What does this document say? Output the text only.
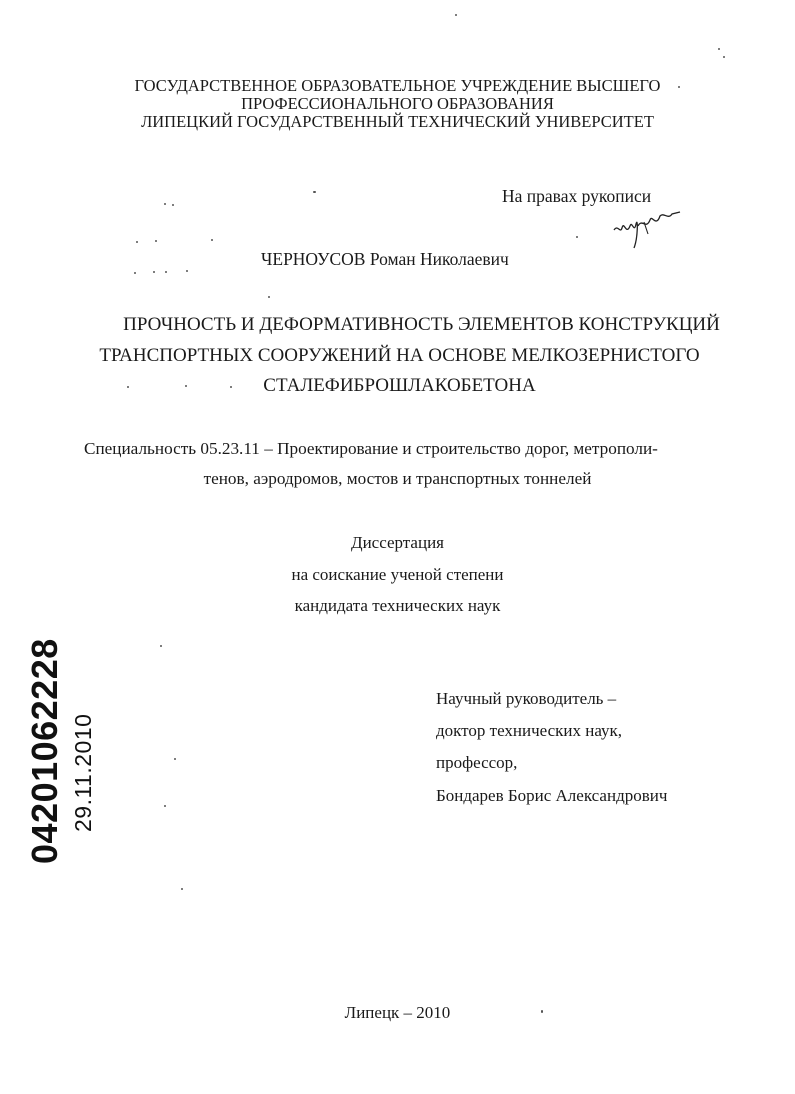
ГОСУДАРСТВЕННОЕ ОБРАЗОВАТЕЛЬНОЕ УЧРЕЖДЕНИЕ ВЫСШЕГО
ПРОФЕССИОНАЛЬНОГО ОБРАЗОВАНИЯ
ЛИПЕЦКИЙ ГОСУДАРСТВЕННЫЙ ТЕХНИЧЕСКИЙ УНИВЕРСИТЕТ
На правах рукописи
ЧЕРНОУСОВ Роман Николаевич
ПРОЧНОСТЬ И ДЕФОРМАТИВНОСТЬ ЭЛЕМЕНТОВ КОНСТРУКЦИЙ
ТРАНСПОРТНЫХ СООРУЖЕНИЙ НА ОСНОВЕ МЕЛКОЗЕРНИСТОГО
СТАЛЕФИБРОШЛАКОБЕТОНА
Специальность 05.23.11 – Проектирование и строительство дорог, метрополи-
тенов, аэродромов, мостов и транспортных тоннелей
Диссертация
на соискание ученой степени
кандидата технических наук
Научный руководитель –
доктор технических наук,
профессор,
Бондарев Борис Александрович
04201062228 29.11.2010
Липецк – 2010
